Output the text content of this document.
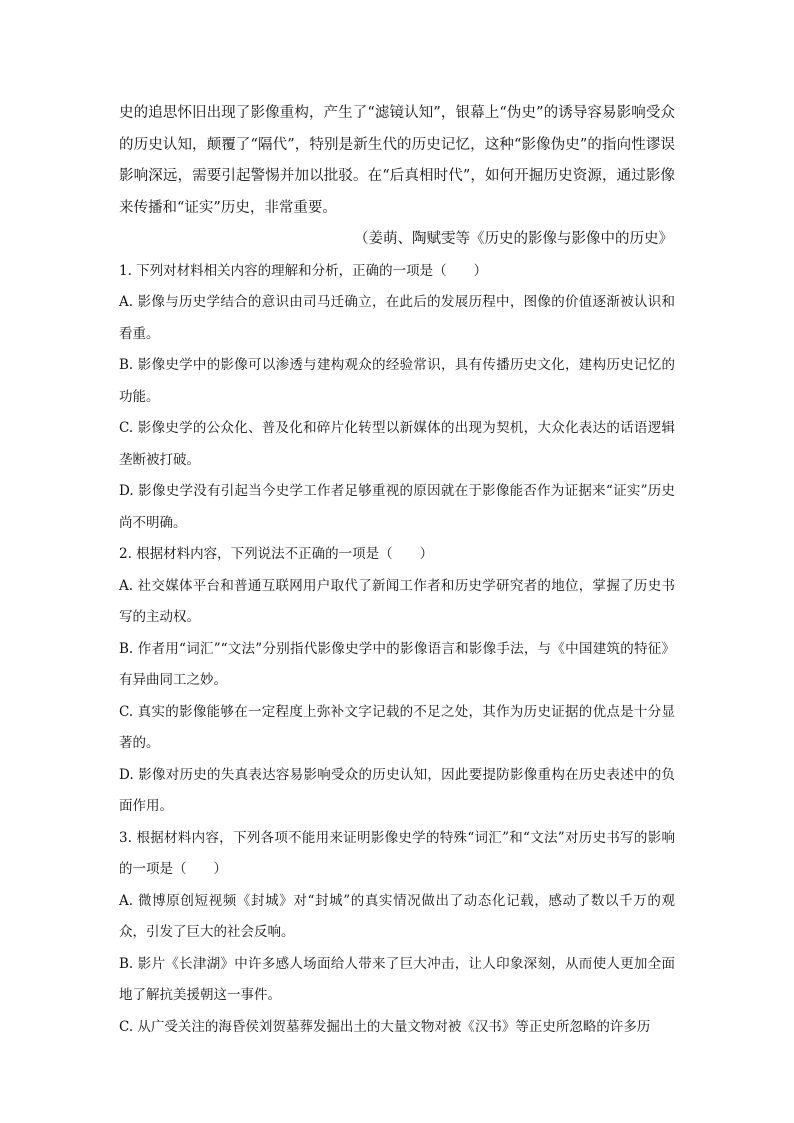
史的追思怀旧出现了影像重构，产生了“滤镜认知”，银幕上“伪史”的诱导容易影响受众的历史认知，颠覆了“隔代”，特别是新生代的历史记忆，这种“影像伪史”的指向性谬误影响深远，需要引起警惕并加以批驳。在“后真相时代”，如何开掘历史资源，通过影像来传播和“证实”历史，非常重要。

（姜萌、陶赋雯等《历史的影像与影像中的历史》

1. 下列对材料相关内容的理解和分析，正确的一项是（　　）

A. 影像与历史学结合的意识由司马迁确立，在此后的发展历程中，图像的价值逐渐被认识和看重。

B. 影像史学中的影像可以渗透与建构观众的经验常识，具有传播历史文化，建构历史记忆的功能。

C. 影像史学的公众化、普及化和碎片化转型以新媒体的出现为契机，大众化表达的话语逻辑垄断被打破。

D. 影像史学没有引起当今史学工作者足够重视的原因就在于影像能否作为证据来“证实”历史尚不明确。

2. 根据材料内容，下列说法不正确的一项是（　　）

A. 社交媒体平台和普通互联网用户取代了新闻工作者和历史学研究者的地位，掌握了历史书写的主动权。

B. 作者用“词汇”“文法”分别指代影像史学中的影像语言和影像手法，与《中国建筑的特征》有异曲同工之妙。

C. 真实的影像能够在一定程度上弥补文字记载的不足之处，其作为历史证据的优点是十分显著的。

D. 影像对历史的失真表达容易影响受众的历史认知，因此要提防影像重构在历史表述中的负面作用。

3. 根据材料内容，下列各项不能用来证明影像史学的特殊“词汇”和“文法”对历史书写的影响的一项是（　　）

A. 微博原创短视频《封城》对“封城”的真实情况做出了动态化记载，感动了数以千万的观众，引发了巨大的社会反响。

B. 影片《长津湖》中许多感人场面给人带来了巨大冲击，让人印象深刻，从而使人更加全面地了解抗美援朝这一事件。

C. 从广受关注的海昏侯刘贺墓葬发掘出土的大量文物对被《汉书》等正史所忽略的许多历
